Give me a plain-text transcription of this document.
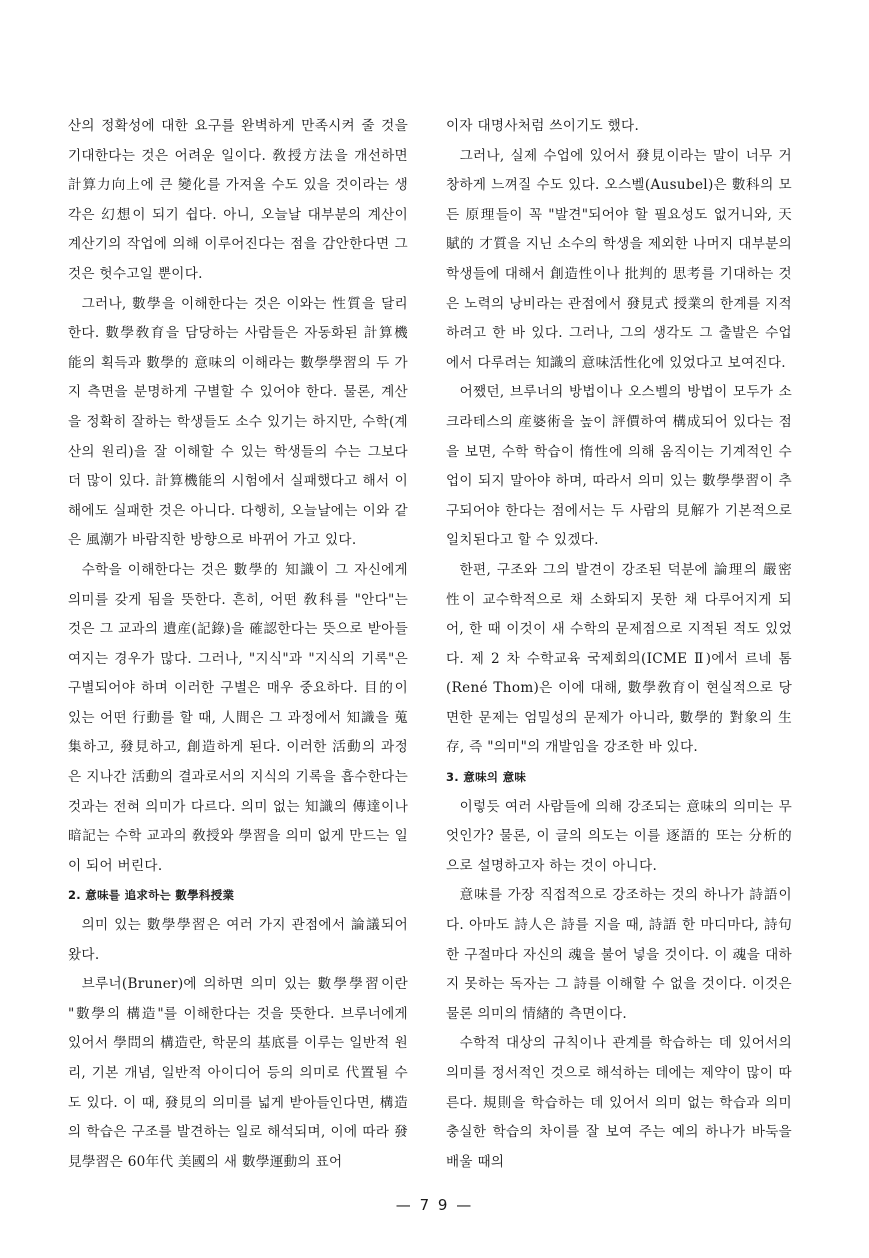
산의 정확성에 대한 요구를 완벽하게 만족시켜 줄 것을 기대한다는 것은 어려운 일이다. 敎授方法을 개선하면 計算力向上에 큰 變化를 가져올 수도 있을 것이라는 생각은 幻想이 되기 쉽다. 아니, 오늘날 대부분의 계산이 계산기의 작업에 의해 이루어진다는 점을 감안한다면 그것은 헛수고일 뿐이다.

그러나, 數學을 이해한다는 것은 이와는 性質을 달리한다. 數學敎育을 담당하는 사람들은 자동화된 計算機能의 획득과 數學的 意味의 이해라는 數學學習의 두 가지 측면을 분명하게 구별할 수 있어야 한다. 물론, 계산을 정확히 잘하는 학생들도 소수 있기는 하지만, 수학(계산의 원리)을 잘 이해할 수 있는 학생들의 수는 그보다 더 많이 있다. 計算機能의 시험에서 실패했다고 해서 이해에도 실패한 것은 아니다. 다행히, 오늘날에는 이와 같은 風潮가 바람직한 방향으로 바뀌어 가고 있다.

수학을 이해한다는 것은 數學的 知識이 그 자신에게 의미를 갖게 됨을 뜻한다. 흔히, 어떤 敎科를 "안다"는 것은 그 교과의 遺産(記錄)을 確認한다는 뜻으로 받아들여지는 경우가 많다. 그러나, "지식"과 "지식의 기록"은 구별되어야 하며 이러한 구별은 매우 중요하다. 目的이 있는 어떤 行動를 할 때, 人間은 그 과정에서 知識을 蒐集하고, 發見하고, 創造하게 된다. 이러한 活動의 과정은 지나간 活動의 결과로서의 지식의 기록을 흡수한다는 것과는 전혀 의미가 다르다. 의미 없는 知識의 傳達이나 暗記는 수학 교과의 敎授와 學習을 의미 없게 만드는 일이 되어 버린다.

2. 意味를 追求하는 數學科授業

의미 있는 數學學習은 여러 가지 관점에서 論議되어 왔다.

브루너(Bruner)에 의하면 의미 있는 數學學習이란 "數學의 構造"를 이해한다는 것을 뜻한다. 브루너에게 있어서 學問의 構造란, 학문의 基底를 이루는 일반적 원리, 기본 개념, 일반적 아이디어 등의 의미로 代置될 수도 있다. 이 때, 發見의 의미를 넓게 받아들인다면, 構造의 학습은 구조를 발견하는 일로 해석되며, 이에 따라 發見學習은 60年代 美國의 새 數學運動의 표어

이자 대명사처럼 쓰이기도 했다.

그러나, 실제 수업에 있어서 發見이라는 말이 너무 거창하게 느껴질 수도 있다. 오스벨(Ausubel)은 數科의 모든 原理들이 꼭 "발견"되어야 할 필요성도 없거니와, 天賦的 才質을 지닌 소수의 학생을 제외한 나머지 대부분의 학생들에 대해서 創造性이나 批判的 思考를 기대하는 것은 노력의 낭비라는 관점에서 發見式 授業의 한계를 지적하려고 한 바 있다. 그러나, 그의 생각도 그 출발은 수업에서 다루려는 知識의 意味活性化에 있었다고 보여진다.

어쨌던, 브루너의 방법이나 오스벨의 방법이 모두가 소크라테스의 産婆術을 높이 評價하여 構成되어 있다는 점을 보면, 수학 학습이 惰性에 의해 움직이는 기계적인 수업이 되지 말아야 하며, 따라서 의미 있는 數學學習이 추구되어야 한다는 점에서는 두 사람의 見解가 기본적으로 일치된다고 할 수 있겠다.

한편, 구조와 그의 발견이 강조된 덕분에 論理의 嚴密性이 교수학적으로 채 소화되지 못한 채 다루어지게 되어, 한 때 이것이 새 수학의 문제점으로 지적된 적도 있었다. 제 2 차 수학교육 국제회의(ICME Ⅱ)에서 르네 톰(René Thom)은 이에 대해, 數學敎育이 현실적으로 당면한 문제는 엄밀성의 문제가 아니라, 數學的 對象의 生存, 즉 "의미"의 개발임을 강조한 바 있다.

3. 意味의 意味

이렇듯 여러 사람들에 의해 강조되는 意味의 의미는 무엇인가? 물론, 이 글의 의도는 이를 逐語的 또는 分析的으로 설명하고자 하는 것이 아니다.

意味를 가장 직접적으로 강조하는 것의 하나가 詩語이다. 아마도 詩人은 詩를 지을 때, 詩語 한 마디마다, 詩句 한 구절마다 자신의 魂을 불어 넣을 것이다. 이 魂을 대하지 못하는 독자는 그 詩를 이해할 수 없을 것이다. 이것은 물론 의미의 情緖的 측면이다.

수학적 대상의 규칙이나 관계를 학습하는 데 있어서의 의미를 정서적인 것으로 해석하는 데에는 제약이 많이 따른다. 規則을 학습하는 데 있어서 의미 없는 학습과 의미 충실한 학습의 차이를 잘 보여 주는 예의 하나가 바둑을 배울 때의

— 7 9 —
